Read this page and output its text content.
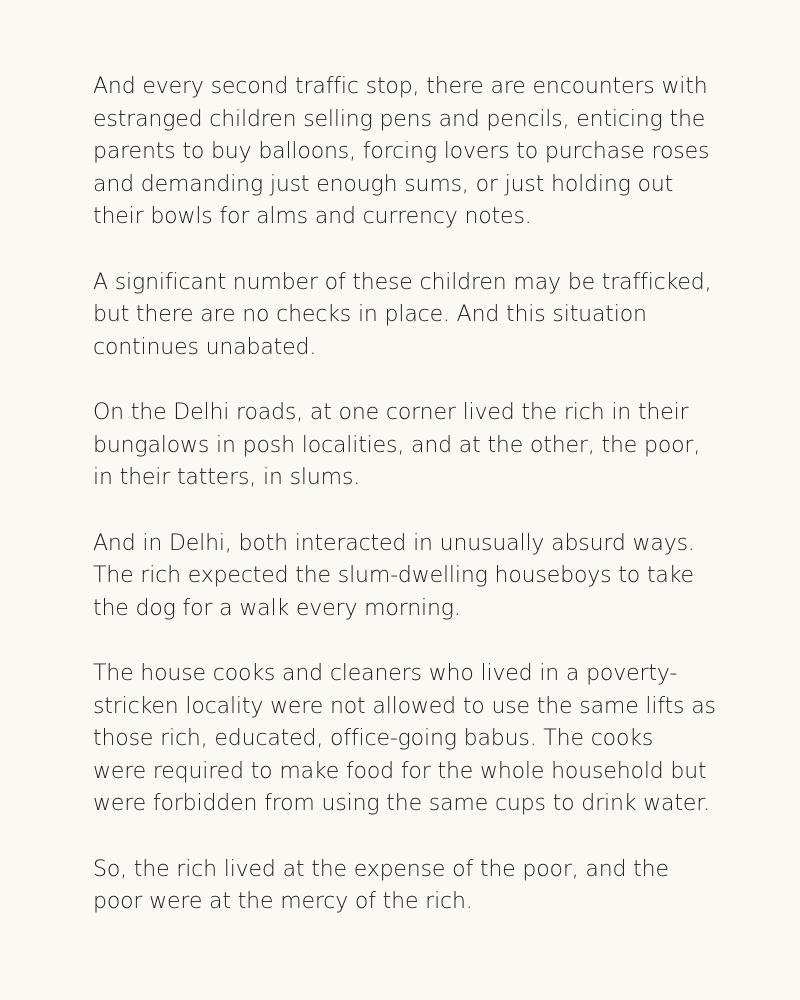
And every second traffic stop, there are encounters with
estranged children selling pens and pencils, enticing the
parents to buy balloons, forcing lovers to purchase roses
and demanding just enough sums, or just holding out
their bowls for alms and currency notes.

A significant number of these children may be trafficked,
but there are no checks in place. And this situation
continues unabated.

On the Delhi roads, at one corner lived the rich in their
bungalows in posh localities, and at the other, the poor,
in their tatters, in slums.

And in Delhi, both interacted in unusually absurd ways.
The rich expected the slum-dwelling houseboys to take
the dog for a walk every morning.

The house cooks and cleaners who lived in a poverty-
stricken locality were not allowed to use the same lifts as
those rich, educated, office-going babus. The cooks
were required to make food for the whole household but
were forbidden from using the same cups to drink water.

So, the rich lived at the expense of the poor, and the
poor were at the mercy of the rich.
